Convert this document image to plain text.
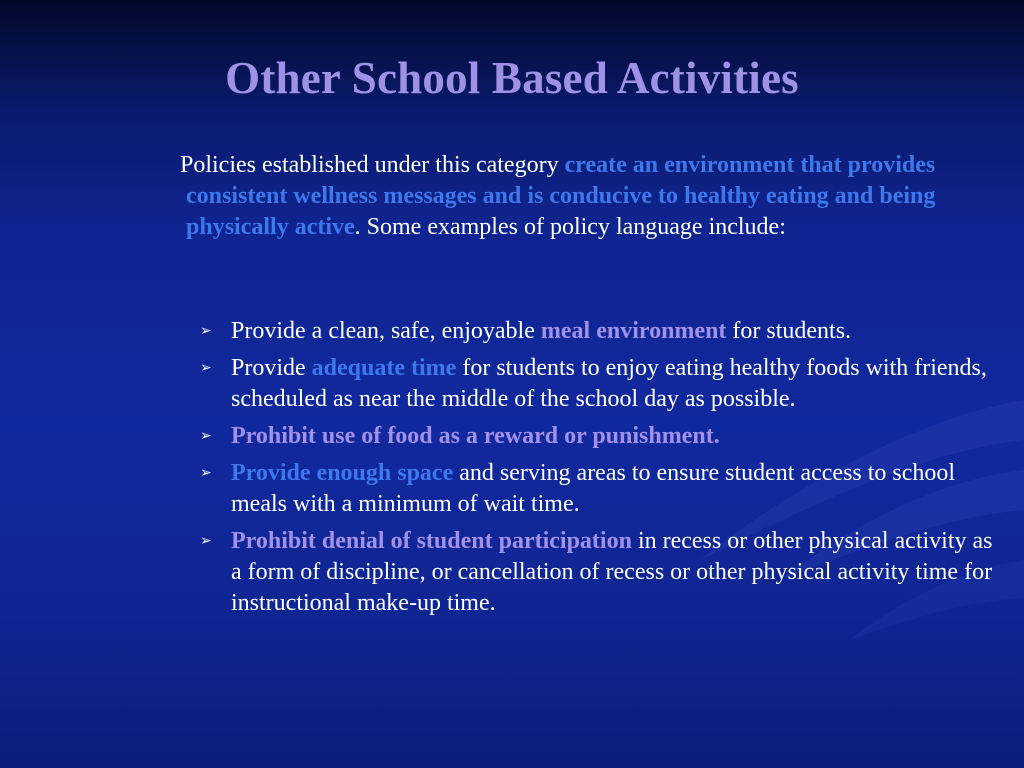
Other School Based Activities
Policies established under this category create an environment that provides consistent wellness messages and is conducive to healthy eating and being physically active. Some examples of policy language include:
➢ Provide a clean, safe, enjoyable meal environment for students.
➢ Provide adequate time for students to enjoy eating healthy foods with friends, scheduled as near the middle of the school day as possible.
➢ Prohibit use of food as a reward or punishment.
➢ Provide enough space and serving areas to ensure student access to school meals with a minimum of wait time.
➢ Prohibit denial of student participation in recess or other physical activity as a form of discipline, or cancellation of recess or other physical activity time for instructional make-up time.
